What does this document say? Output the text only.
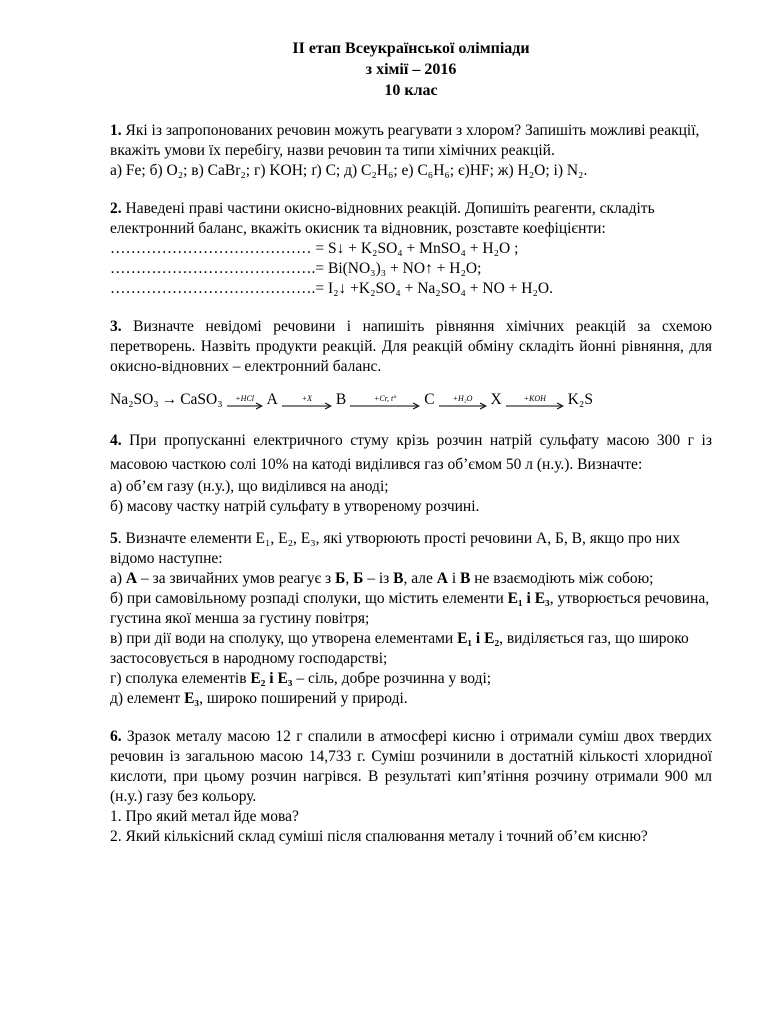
ІІ етап Всеукраїнської олімпіади

з хімії – 2016

10 клас

1. Які із запропонованих речовин можуть реагувати з хлором? Запишіть можливі реакції, вкажіть умови їх перебігу, назви речовин та типи хімічних реакцій.

а) Fe; б) O₂; в) CaBr₂; г) KOH; ґ) C; д) C₂H₆; е) C₆H₆; є)HF; ж) H₂O; і) N₂.

2. Наведені праві частини окисно-відновних реакцій. Допишіть реагенти, складіть електронний баланс, вкажіть окисник та відновник, розставте коефіцієнти:

………………………………… = S↓ + K₂SO₄ + MnSO₄ + H₂O ;

………………………………….= Bi(NO₃)₃ + NO↑ + H₂O;

………………………………….= I₂↓ +K₂SO₄ + Na₂SO₄ + NO + H₂O.

3. Визначте невідомі речовини і напишіть рівняння хімічних реакцій за схемою перетворень. Назвіть продукти реакцій. Для реакцій обміну складіть йонні рівняння, для окисно-відновних – електронний баланс.

Na₂SO₃ → CaSO₃	+HCl A	+X	B	+Cr, t°	C	+H₂O	X	+KOH	K₂S

4. При пропусканні електричного стуму крізь розчин натрій сульфату масою 300 г із масовою часткою солі 10% на катоді виділився газ об’ємом 50 л (н.у.). Визначте:

а) об’єм газу (н.у.), що виділився на аноді;

б) масову частку натрій сульфату в утвореному розчині.

5. Визначте елементи Е₁, Е₂, Е₃, які утворюють прості речовини А, Б, В, якщо про них відомо наступне:

а) А – за звичайних умов реагує з Б, Б – із В, але А і В не взаємодіють між собою;

б) при самовільному розпаді сполуки, що містить елементи Е₁ і Е₃, утворюється речовина, густина якої менша за густину повітря;

в) при дії води на сполуку, що утворена елементами Е₁ і Е₂, виділяється газ, що широко застосовується в народному господарстві;

г) сполука елементів Е₂ і Е₃ – сіль, добре розчинна у воді;

д) елемент Е₃, широко поширений у природі.

6. Зразок металу масою 12 г спалили в атмосфері кисню і отримали суміш двох твердих речовин із загальною масою 14,733 г. Суміш розчинили в достатній кількості хлоридної кислоти, при цьому розчин нагрівся. В результаті кип’ятіння розчину отримали 900 мл (н.у.) газу без кольору.

1. Про який метал йде мова?

2. Який кількісний склад суміші після спалювання металу і точний об’єм кисню?
